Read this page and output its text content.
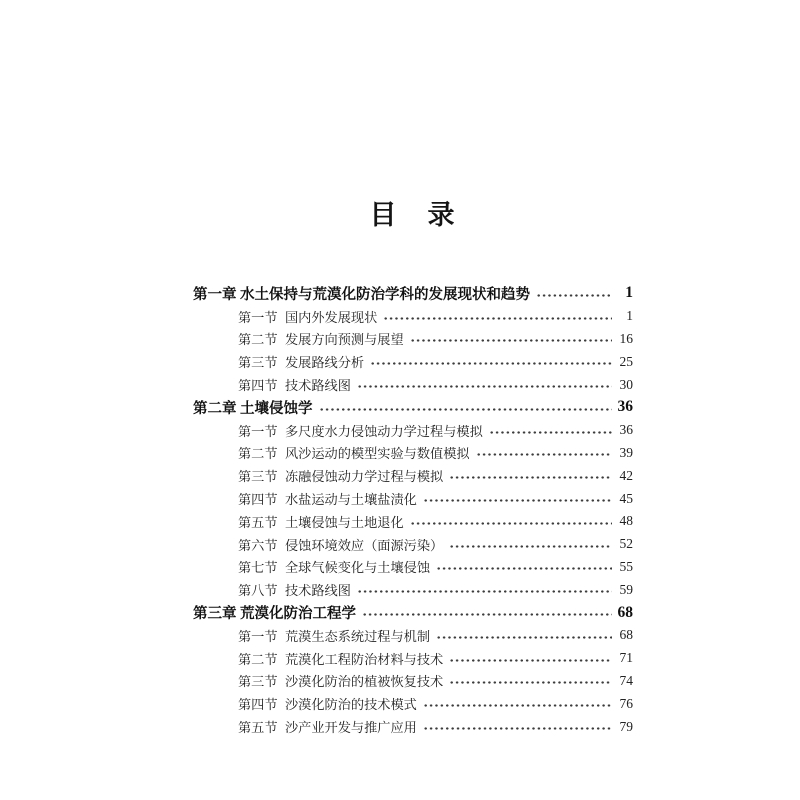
目　录
第一章 水土保持与荒漠化防治学科的发展现状和趋势	1
第一节 国内外发展现状	1
第二节 发展方向预测与展望	16
第三节 发展路线分析	25
第四节 技术路线图	30
第二章 土壤侵蚀学	36
第一节 多尺度水力侵蚀动力学过程与模拟	36
第二节 风沙运动的模型实验与数值模拟	39
第三节 冻融侵蚀动力学过程与模拟	42
第四节 水盐运动与土壤盐渍化	45
第五节 土壤侵蚀与土地退化	48
第六节 侵蚀环境效应（面源污染）	52
第七节 全球气候变化与土壤侵蚀	55
第八节 技术路线图	59
第三章 荒漠化防治工程学	68
第一节 荒漠生态系统过程与机制	68
第二节 荒漠化工程防治材料与技术	71
第三节 沙漠化防治的植被恢复技术	74
第四节 沙漠化防治的技术模式	76
第五节 沙产业开发与推广应用	79
